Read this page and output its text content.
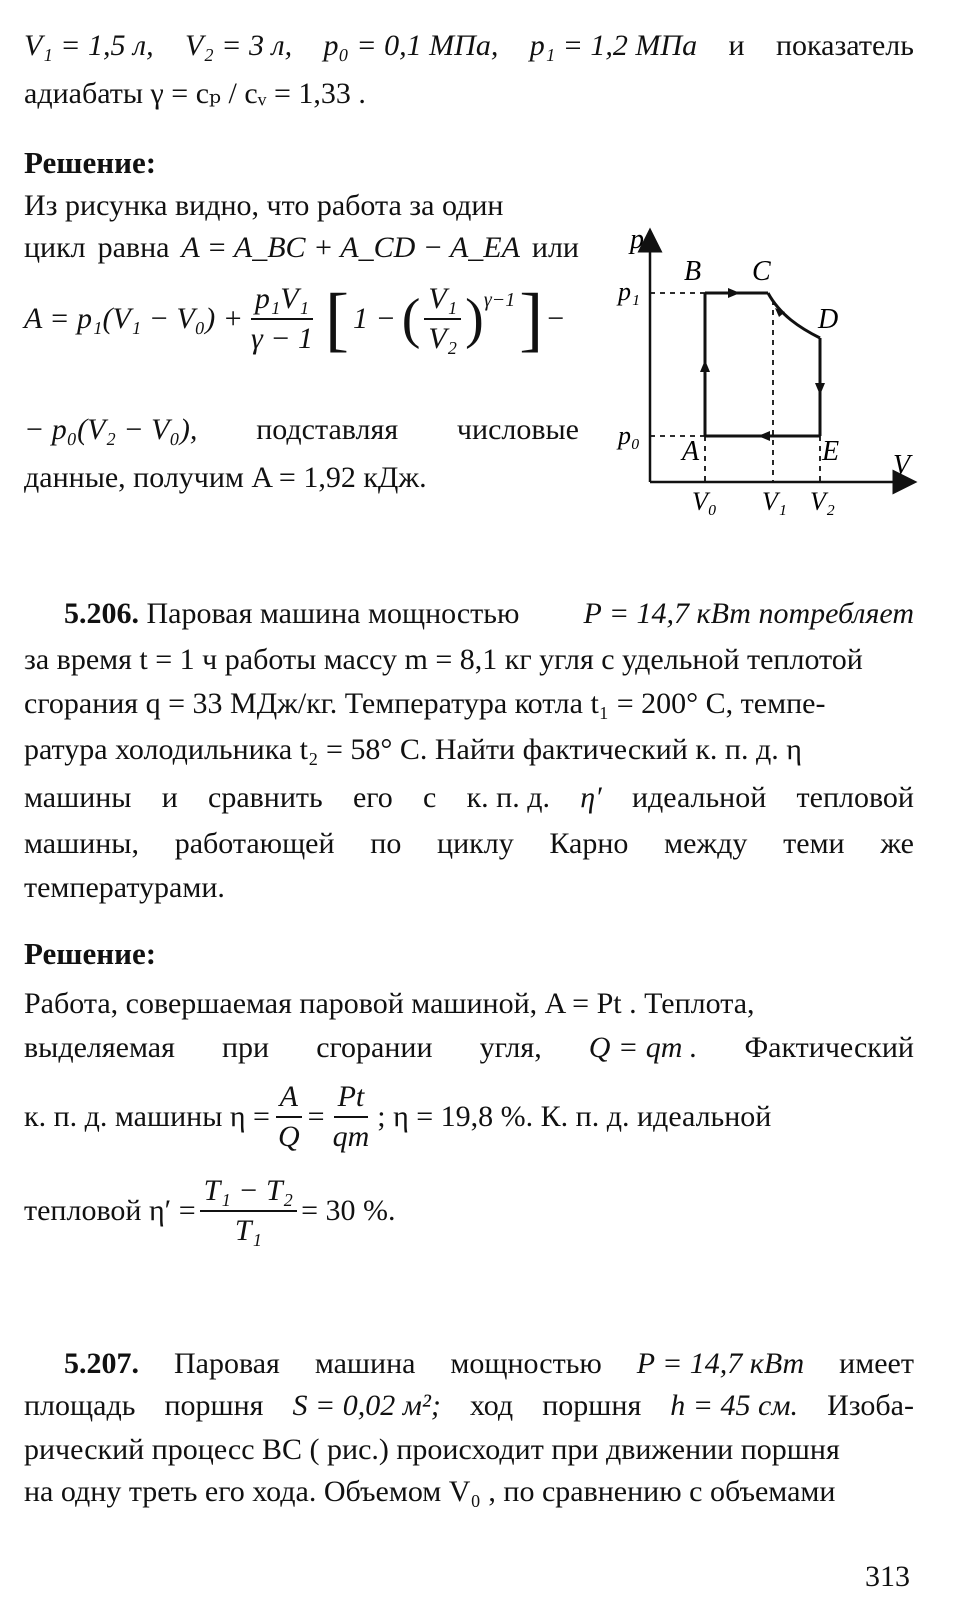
V₁ = 1,5 л, V₂ = 3 л, p₀ = 0,1 МПа, p₁ = 1,2 МПа и показатель
адиабаты γ = cₚ / cᵥ = 1,33 .
Решение:
Из рисунка видно, что работа за один
цикл равна A = A_BC + A_CD − A_EA или
$A = p_1(V_1 - V_0) + \frac{\text{p₁V₁}}{\gamma - 1}$ [ 1 − ( $\frac{\text{V₁}}{\text{V₂}}$ ) γ−1 ] −
− p₀(V₂ − V₀), подставляя числовые
данные, получим A = 1,92 кДж.
p
V
p₁
p₀
B C
D
E
A
V₀ V₁ V₂
5.206. Паровая машина мощностью P = 14,7 кВт потребляет
за время t = 1 ч работы массу m = 8,1 кг угля с удельной теплотой
сгорания q = 33 МДж/кг. Температура котла t₁ = 200° С, темпе-
ратура холодильника t₂ = 58° С. Найти фактический к. п. д. η
машины и сравнить его с к. п. д. η′ идеальной тепловой
машины, работающей по циклу Карно между теми же
температурами.
Решение:
Работа, совершаемая паровой машиной, A = Pt . Теплота,
выделяемая при сгорании угля, Q = qm . Фактический
к. п. д. машины $\eta = \frac{A}{Q} = \frac{Pt}{qm}$ ; η = 19,8 %. К. п. д. идеальной
тепловой $\eta' = \frac{\text{T₁ − T₂}}{\text{T₁}} = 30$ %.
5.207. Паровая машина мощностью P = 14,7 кВт имеет
площадь поршня S = 0,02 м²; ход поршня h = 45 см. Изоба-
рический процесс BC ( рис.) происходит при движении поршня
на одну треть его хода. Объемом V₀ , по сравнению с объемами
313
